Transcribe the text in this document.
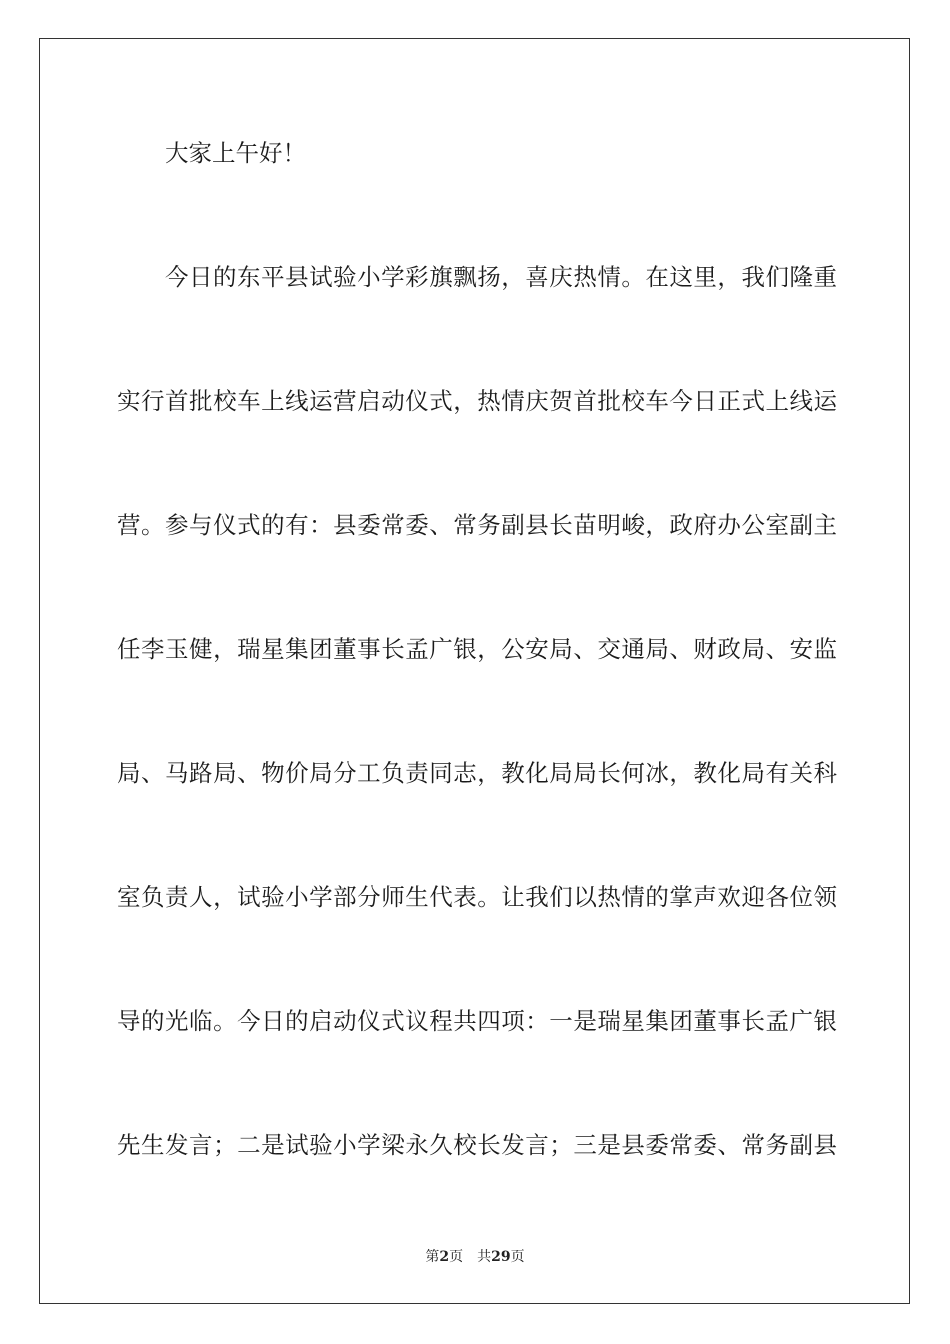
大家上午好！
今日的东平县试验小学彩旗飘扬，喜庆热情。在这里，我们隆重
实行首批校车上线运营启动仪式，热情庆贺首批校车今日正式上线运
营。参与仪式的有：县委常委、常务副县长苗明峻，政府办公室副主
任李玉健，瑞星集团董事长孟广银，公安局、交通局、财政局、安监
局、马路局、物价局分工负责同志，教化局局长何冰，教化局有关科
室负责人，试验小学部分师生代表。让我们以热情的掌声欢迎各位领
导的光临。今日的启动仪式议程共四项：一是瑞星集团董事长孟广银
先生发言；二是试验小学梁永久校长发言；三是县委常委、常务副县
第2页 共29页
